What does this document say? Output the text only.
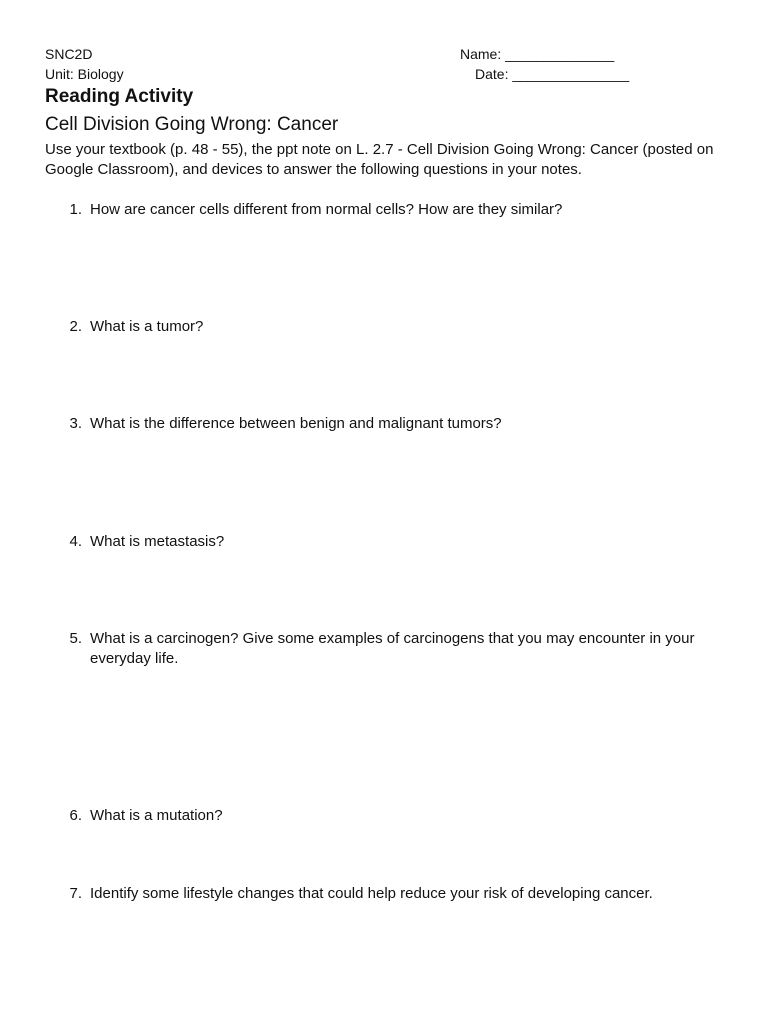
SNC2D
Unit: Biology
Name: ______________
Date: _______________
Reading Activity
Cell Division Going Wrong: Cancer
Use your textbook (p. 48 - 55), the ppt note on L. 2.7 - Cell Division Going Wrong: Cancer (posted on Google Classroom), and devices to answer the following questions in your notes.
1. How are cancer cells different from normal cells? How are they similar?
2. What is a tumor?
3. What is the difference between benign and malignant tumors?
4. What is metastasis?
5. What is a carcinogen? Give some examples of carcinogens that you may encounter in your everyday life.
6. What is a mutation?
7. Identify some lifestyle changes that could help reduce your risk of developing cancer.
